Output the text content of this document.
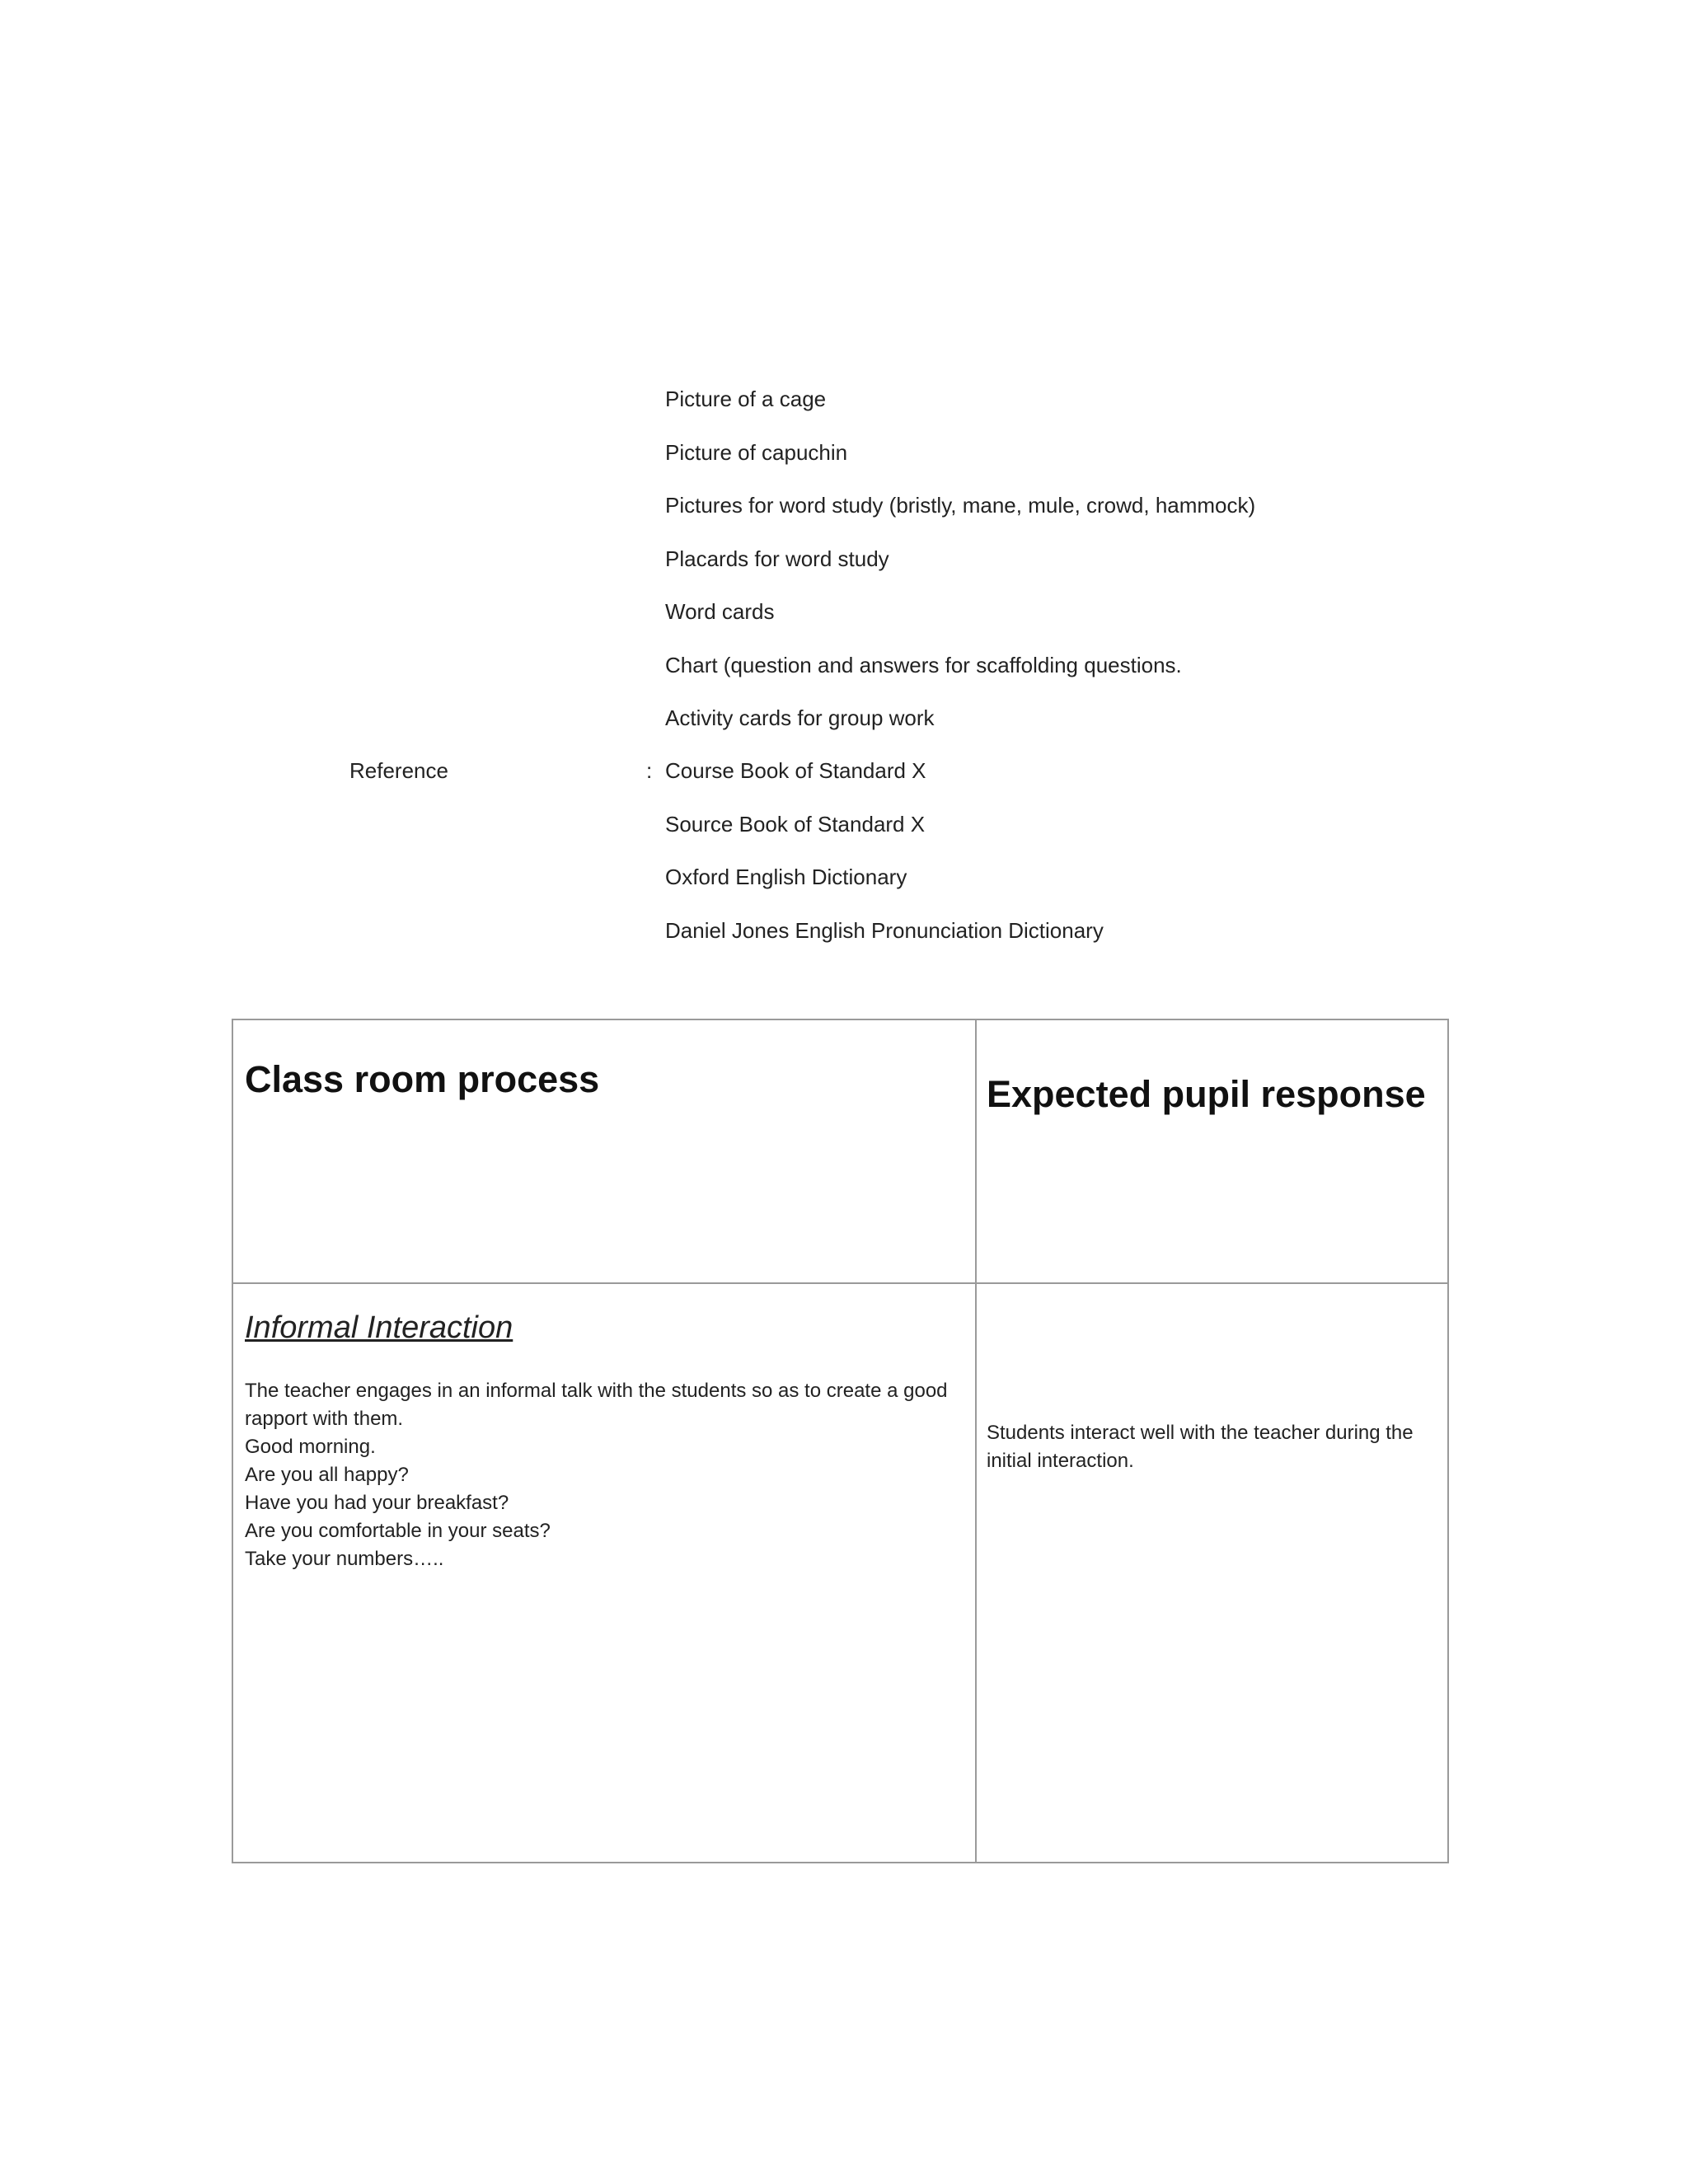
Picture of a cage
Picture of capuchin
Pictures for word study (bristly, mane, mule, crowd, hammock)
Placards for word study
Word cards
Chart (question and answers for scaffolding questions.
Activity cards for group work
Reference	: Course Book of Standard X
Source Book of Standard X
Oxford English Dictionary
Daniel Jones English Pronunciation Dictionary
Class room process	Expected pupil response
Informal Interaction

The teacher engages in an informal talk with the students so as to create a good rapport with them.

Good morning.

Are you all happy?

Have you had your breakfast?

Are you comfortable in your seats?

Take your numbers…..

Students interact well with the teacher during the initial interaction.
